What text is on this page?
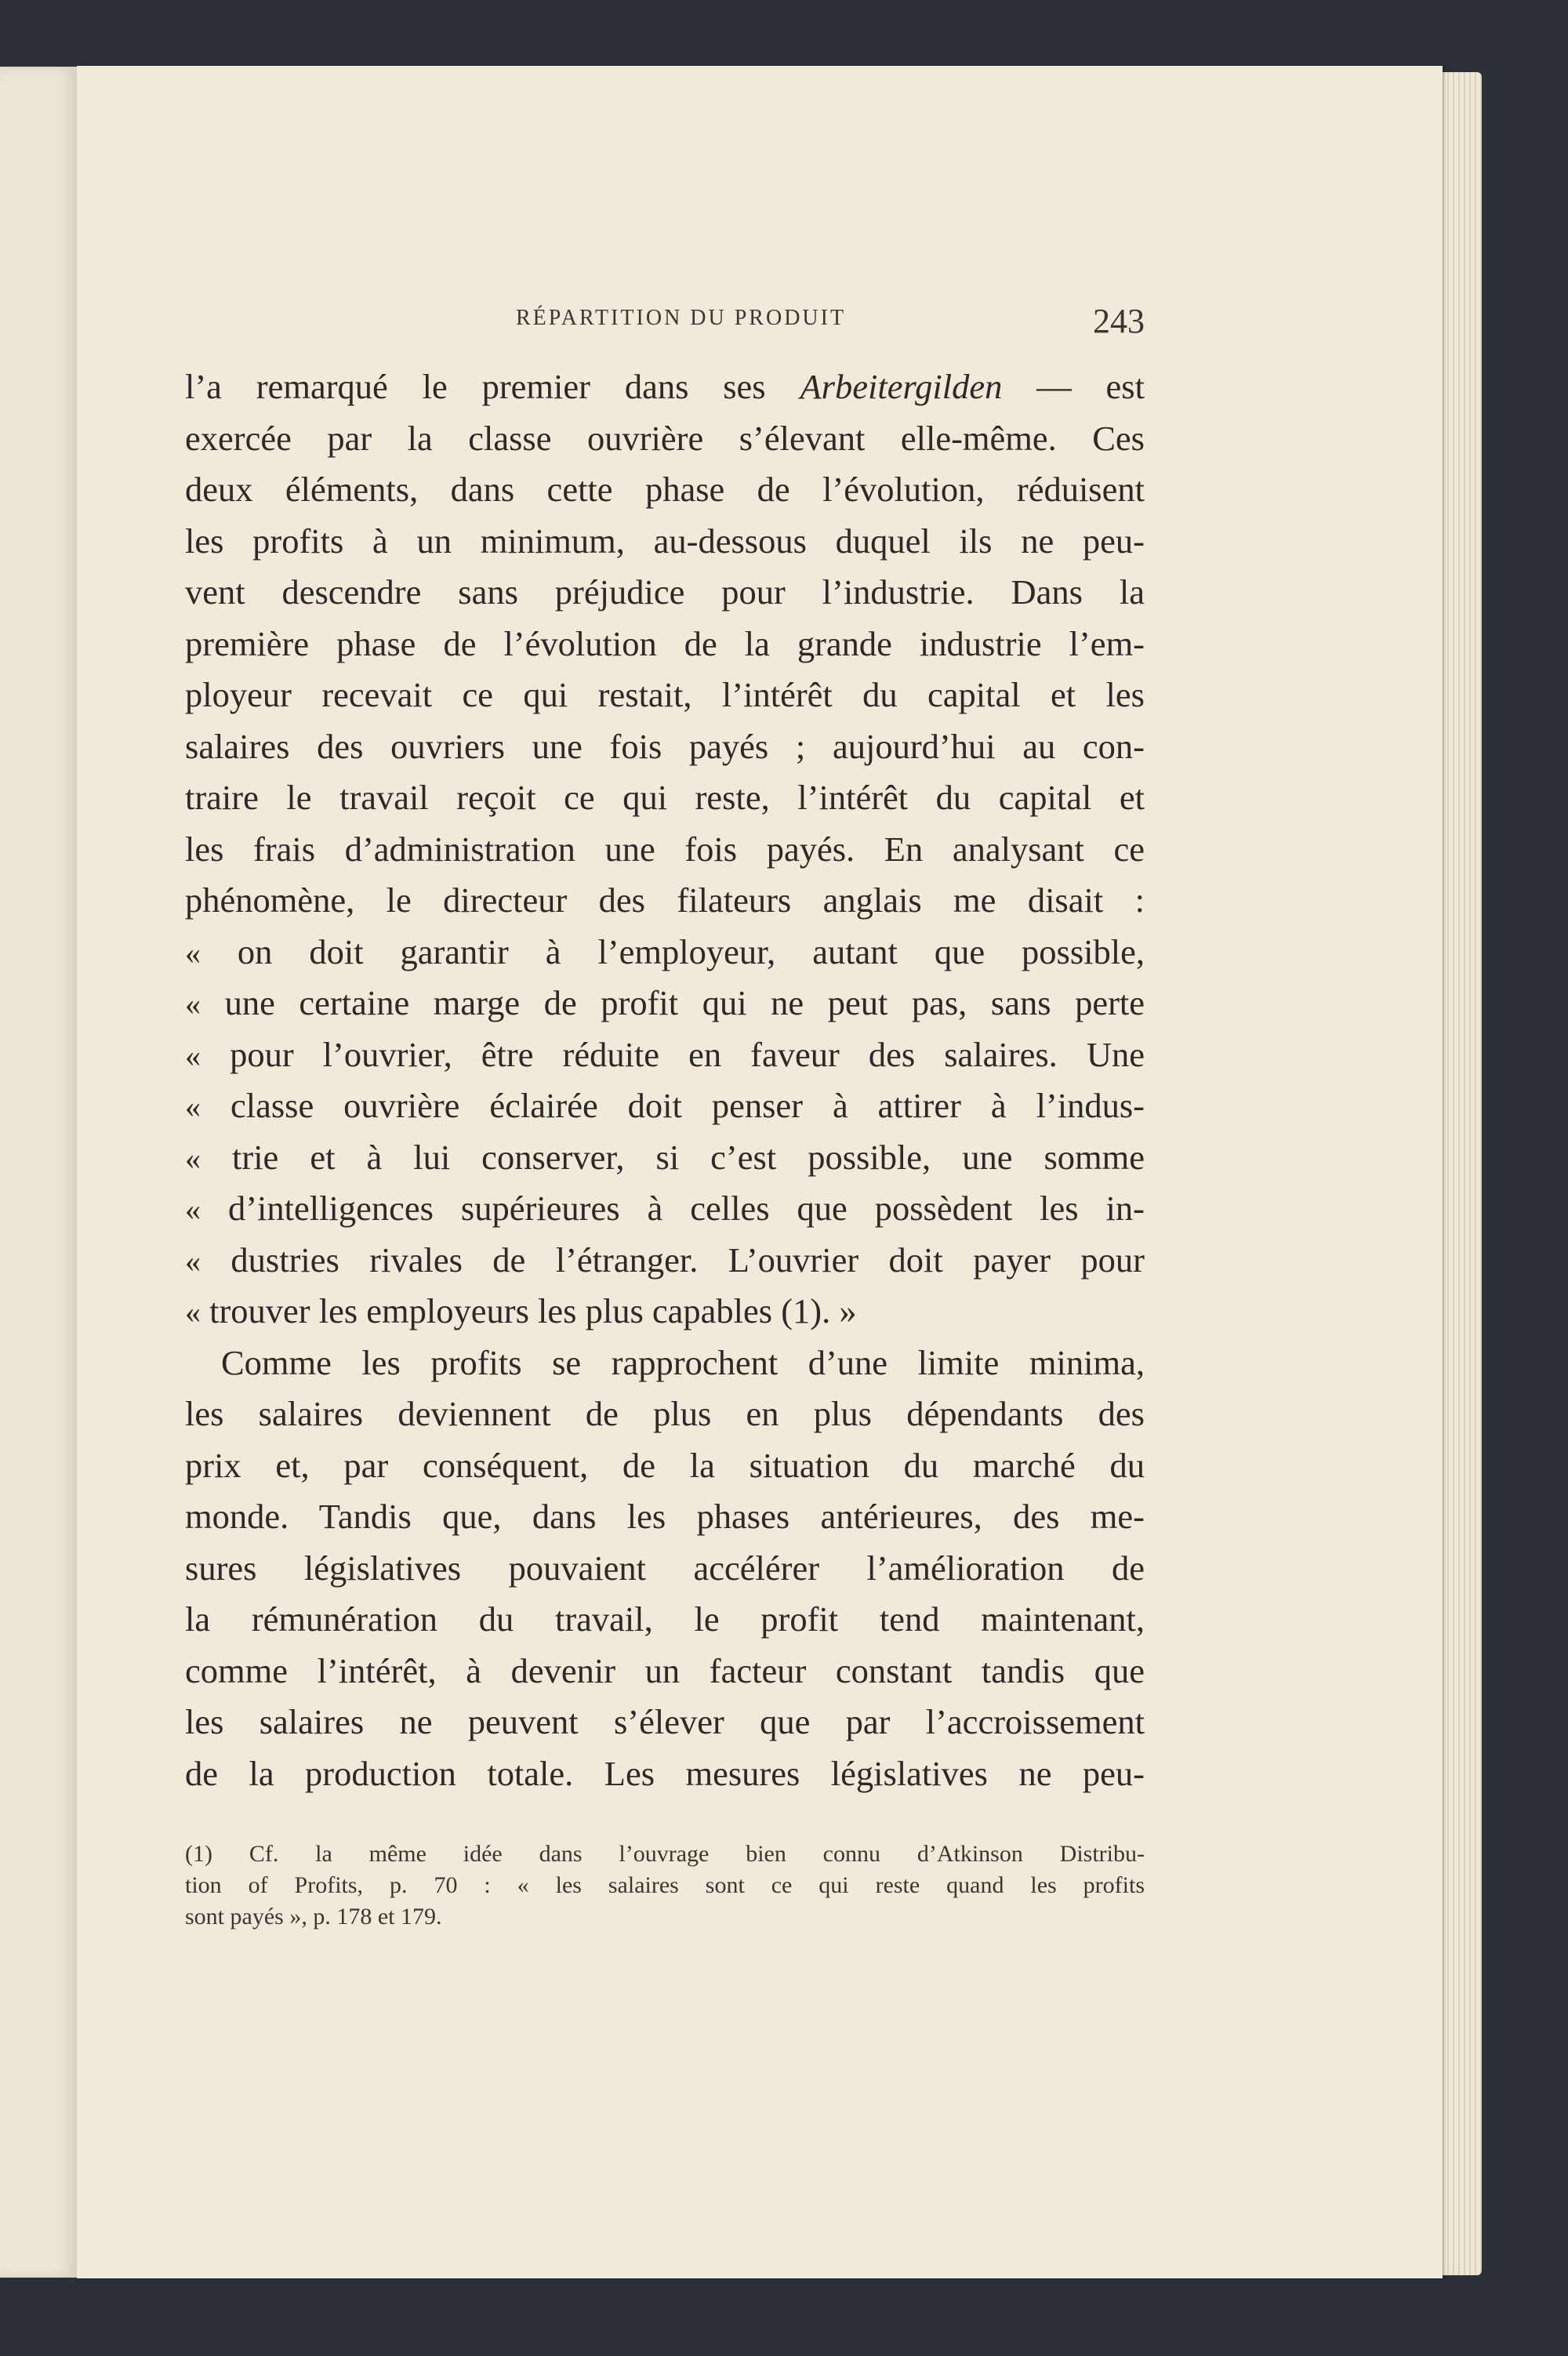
RÉPARTITION DU PRODUIT	243
l’a remarqué le premier dans ses Arbeitergilden — est
exercée par la classe ouvrière s’élevant elle-même. Ces
deux éléments, dans cette phase de l’évolution, réduisent
les profits à un minimum, au-dessous duquel ils ne peu-
vent descendre sans préjudice pour l’industrie. Dans la
première phase de l’évolution de la grande industrie l’em-
ployeur recevait ce qui restait, l’intérêt du capital et les
salaires des ouvriers une fois payés ; aujourd’hui au con-
traire le travail reçoit ce qui reste, l’intérêt du capital et
les frais d’administration une fois payés. En analysant ce
phénomène, le directeur des filateurs anglais me disait :
« on doit garantir à l’employeur, autant que possible,
« une certaine marge de profit qui ne peut pas, sans perte
« pour l’ouvrier, être réduite en faveur des salaires. Une
« classe ouvrière éclairée doit penser à attirer à l’indus-
« trie et à lui conserver, si c’est possible, une somme
« d’intelligences supérieures à celles que possèdent les in-
« dustries rivales de l’étranger. L’ouvrier doit payer pour
« trouver les employeurs les plus capables (1). »
Comme les profits se rapprochent d’une limite minima,
les salaires deviennent de plus en plus dépendants des
prix et, par conséquent, de la situation du marché du
monde. Tandis que, dans les phases antérieures, des me-
sures législatives pouvaient accélérer l’amélioration de
la rémunération du travail, le profit tend maintenant,
comme l’intérêt, à devenir un facteur constant tandis que
les salaires ne peuvent s’élever que par l’accroissement
de la production totale. Les mesures législatives ne peu-
(1) Cf. la même idée dans l’ouvrage bien connu d’Atkinson Distribu-
tion of Profits, p. 70 : « les salaires sont ce qui reste quand les profits
sont payés », p. 178 et 179.
